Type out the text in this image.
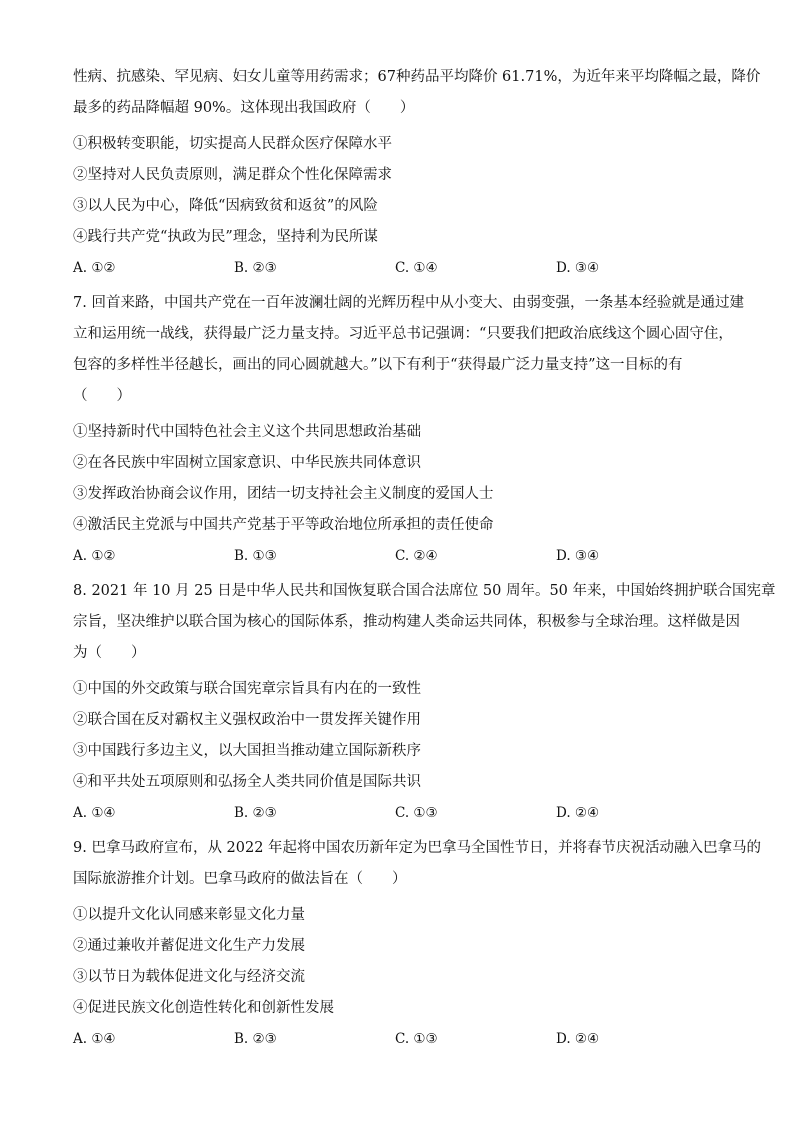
性病、抗感染、罕见病、妇女儿童等用药需求；67种药品平均降价 61.71%，为近年来平均降幅之最，降价
最多的药品降幅超 90%。这体现出我国政府（　　）
①积极转变职能，切实提高人民群众医疗保障水平
②坚持对人民负责原则，满足群众个性化保障需求
③以人民为中心，降低“因病致贫和返贫”的风险
④践行共产党“执政为民”理念，坚持利为民所谋
A. ①②	B. ②③	C. ①④	D. ③④
7. 回首来路，中国共产党在一百年波澜壮阔的光辉历程中从小变大、由弱变强，一条基本经验就是通过建
立和运用统一战线，获得最广泛力量支持。习近平总书记强调：“只要我们把政治底线这个圆心固守住，
包容的多样性半径越长，画出的同心圆就越大。”以下有利于“获得最广泛力量支持”这一目标的有
（　　）
①坚持新时代中国特色社会主义这个共同思想政治基础
②在各民族中牢固树立国家意识、中华民族共同体意识
③发挥政治协商会议作用，团结一切支持社会主义制度的爱国人士
④激活民主党派与中国共产党基于平等政治地位所承担的责任使命
A. ①②	B. ①③	C. ②④	D. ③④
8. 2021 年 10 月 25 日是中华人民共和国恢复联合国合法席位 50 周年。50 年来，中国始终拥护联合国宪章
宗旨，坚决维护以联合国为核心的国际体系，推动构建人类命运共同体，积极参与全球治理。这样做是因
为（　　）
①中国的外交政策与联合国宪章宗旨具有内在的一致性
②联合国在反对霸权主义强权政治中一贯发挥关键作用
③中国践行多边主义，以大国担当推动建立国际新秩序
④和平共处五项原则和弘扬全人类共同价值是国际共识
A. ①④	B. ②③	C. ①③	D. ②④
9. 巴拿马政府宣布，从 2022 年起将中国农历新年定为巴拿马全国性节日，并将春节庆祝活动融入巴拿马的
国际旅游推介计划。巴拿马政府的做法旨在（　　）
①以提升文化认同感来彰显文化力量
②通过兼收并蓄促进文化生产力发展
③以节日为载体促进文化与经济交流
④促进民族文化创造性转化和创新性发展
A. ①④	B. ②③	C. ①③	D. ②④
